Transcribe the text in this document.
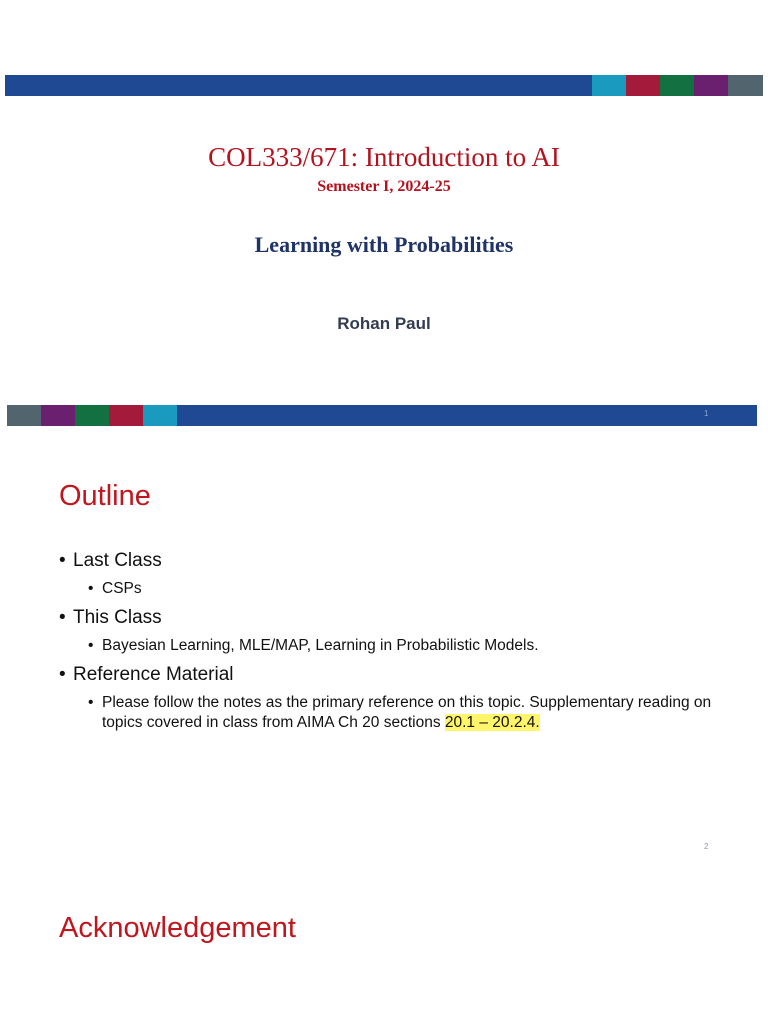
COL333/671: Introduction to AI
Semester I, 2024-25
Learning with Probabilities
Rohan Paul
1
Outline
• Last Class
• CSPs
• This Class
• Bayesian Learning, MLE/MAP, Learning in Probabilistic Models.
• Reference Material
• Please follow the notes as the primary reference on this topic. Supplementary reading on topics covered in class from AIMA Ch 20 sections 20.1 – 20.2.4.
2
Acknowledgement
